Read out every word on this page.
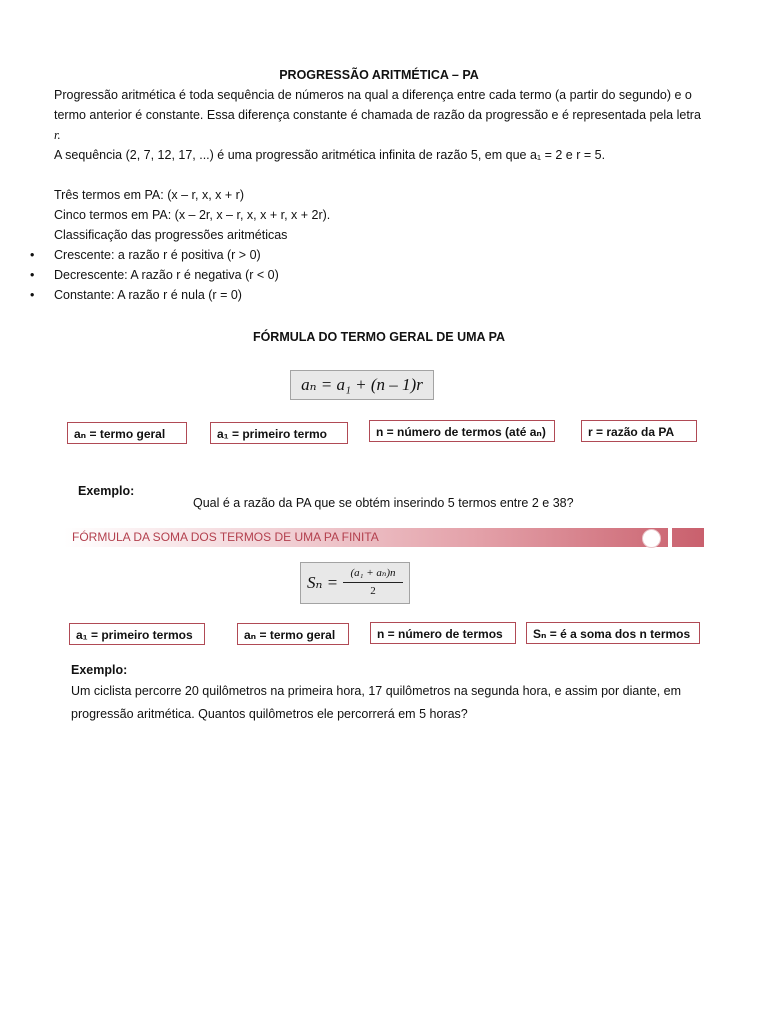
PROGRESSÃO ARITMÉTICA – PA
Progressão aritmética é toda sequência de números na qual a diferença entre cada termo (a partir do segundo) e o
termo anterior é constante. Essa diferença constante é chamada de razão da progressão e é representada pela letra
r.
A sequência (2, 7, 12, 17, ...) é uma progressão aritmética infinita de razão 5, em que a₁ = 2 e r = 5.
Três termos em PA: (x – r, x, x + r)
Cinco termos em PA: (x – 2r, x – r, x, x + r, x + 2r).
Classificação das progressões aritméticas
• Crescente: a razão r é positiva (r > 0)
• Decrescente: A razão r é negativa (r < 0)
• Constante: A razão r é nula (r = 0)
FÓRMULA DO TERMO GERAL DE UMA PA
aₙ = a₁ + (n – 1)r
aₙ = termo geral	a₁ = primeiro termo	n = número de termos (até aₙ)	r = razão da PA
Exemplo:
Qual é a razão da PA que se obtém inserindo 5 termos entre 2 e 38?
FÓRMULA DA SOMA DOS TERMOS DE UMA PA FINITA
Sₙ =	(a₁ + aₙ)n
2
a₁ = primeiro termos	aₙ = termo geral	n = número de termos	Sₙ = é a soma dos n termos
Exemplo:
Um ciclista percorre 20 quilômetros na primeira hora, 17 quilômetros na segunda hora, e assim por diante, em
progressão aritmética. Quantos quilômetros ele percorrerá em 5 horas?
